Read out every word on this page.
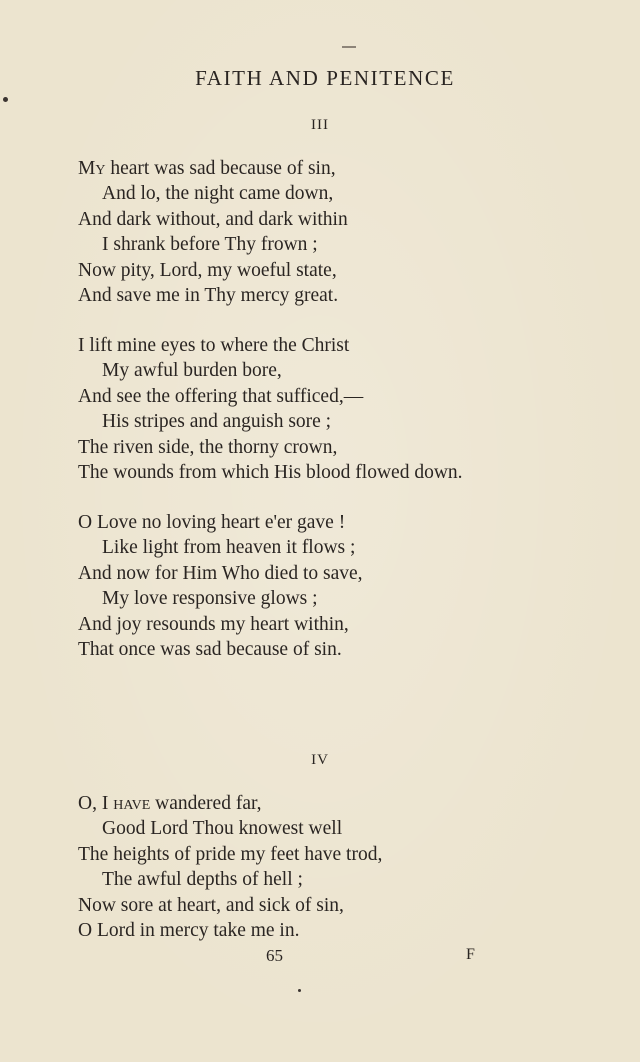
FAITH AND PENITENCE
III
My heart was sad because of sin,
And lo, the night came down,
And dark without, and dark within
I shrank before Thy frown ;
Now pity, Lord, my woeful state,
And save me in Thy mercy great.
I lift mine eyes to where the Christ
My awful burden bore,
And see the offering that sufficed,—
His stripes and anguish sore ;
The riven side, the thorny crown,
The wounds from which His blood flowed down.
O Love no loving heart e'er gave !
Like light from heaven it flows ;
And now for Him Who died to save,
My love responsive glows ;
And joy resounds my heart within,
That once was sad because of sin.
IV
O, I have wandered far,
Good Lord Thou knowest well
The heights of pride my feet have trod,
The awful depths of hell ;
Now sore at heart, and sick of sin,
O Lord in mercy take me in.
65	F
